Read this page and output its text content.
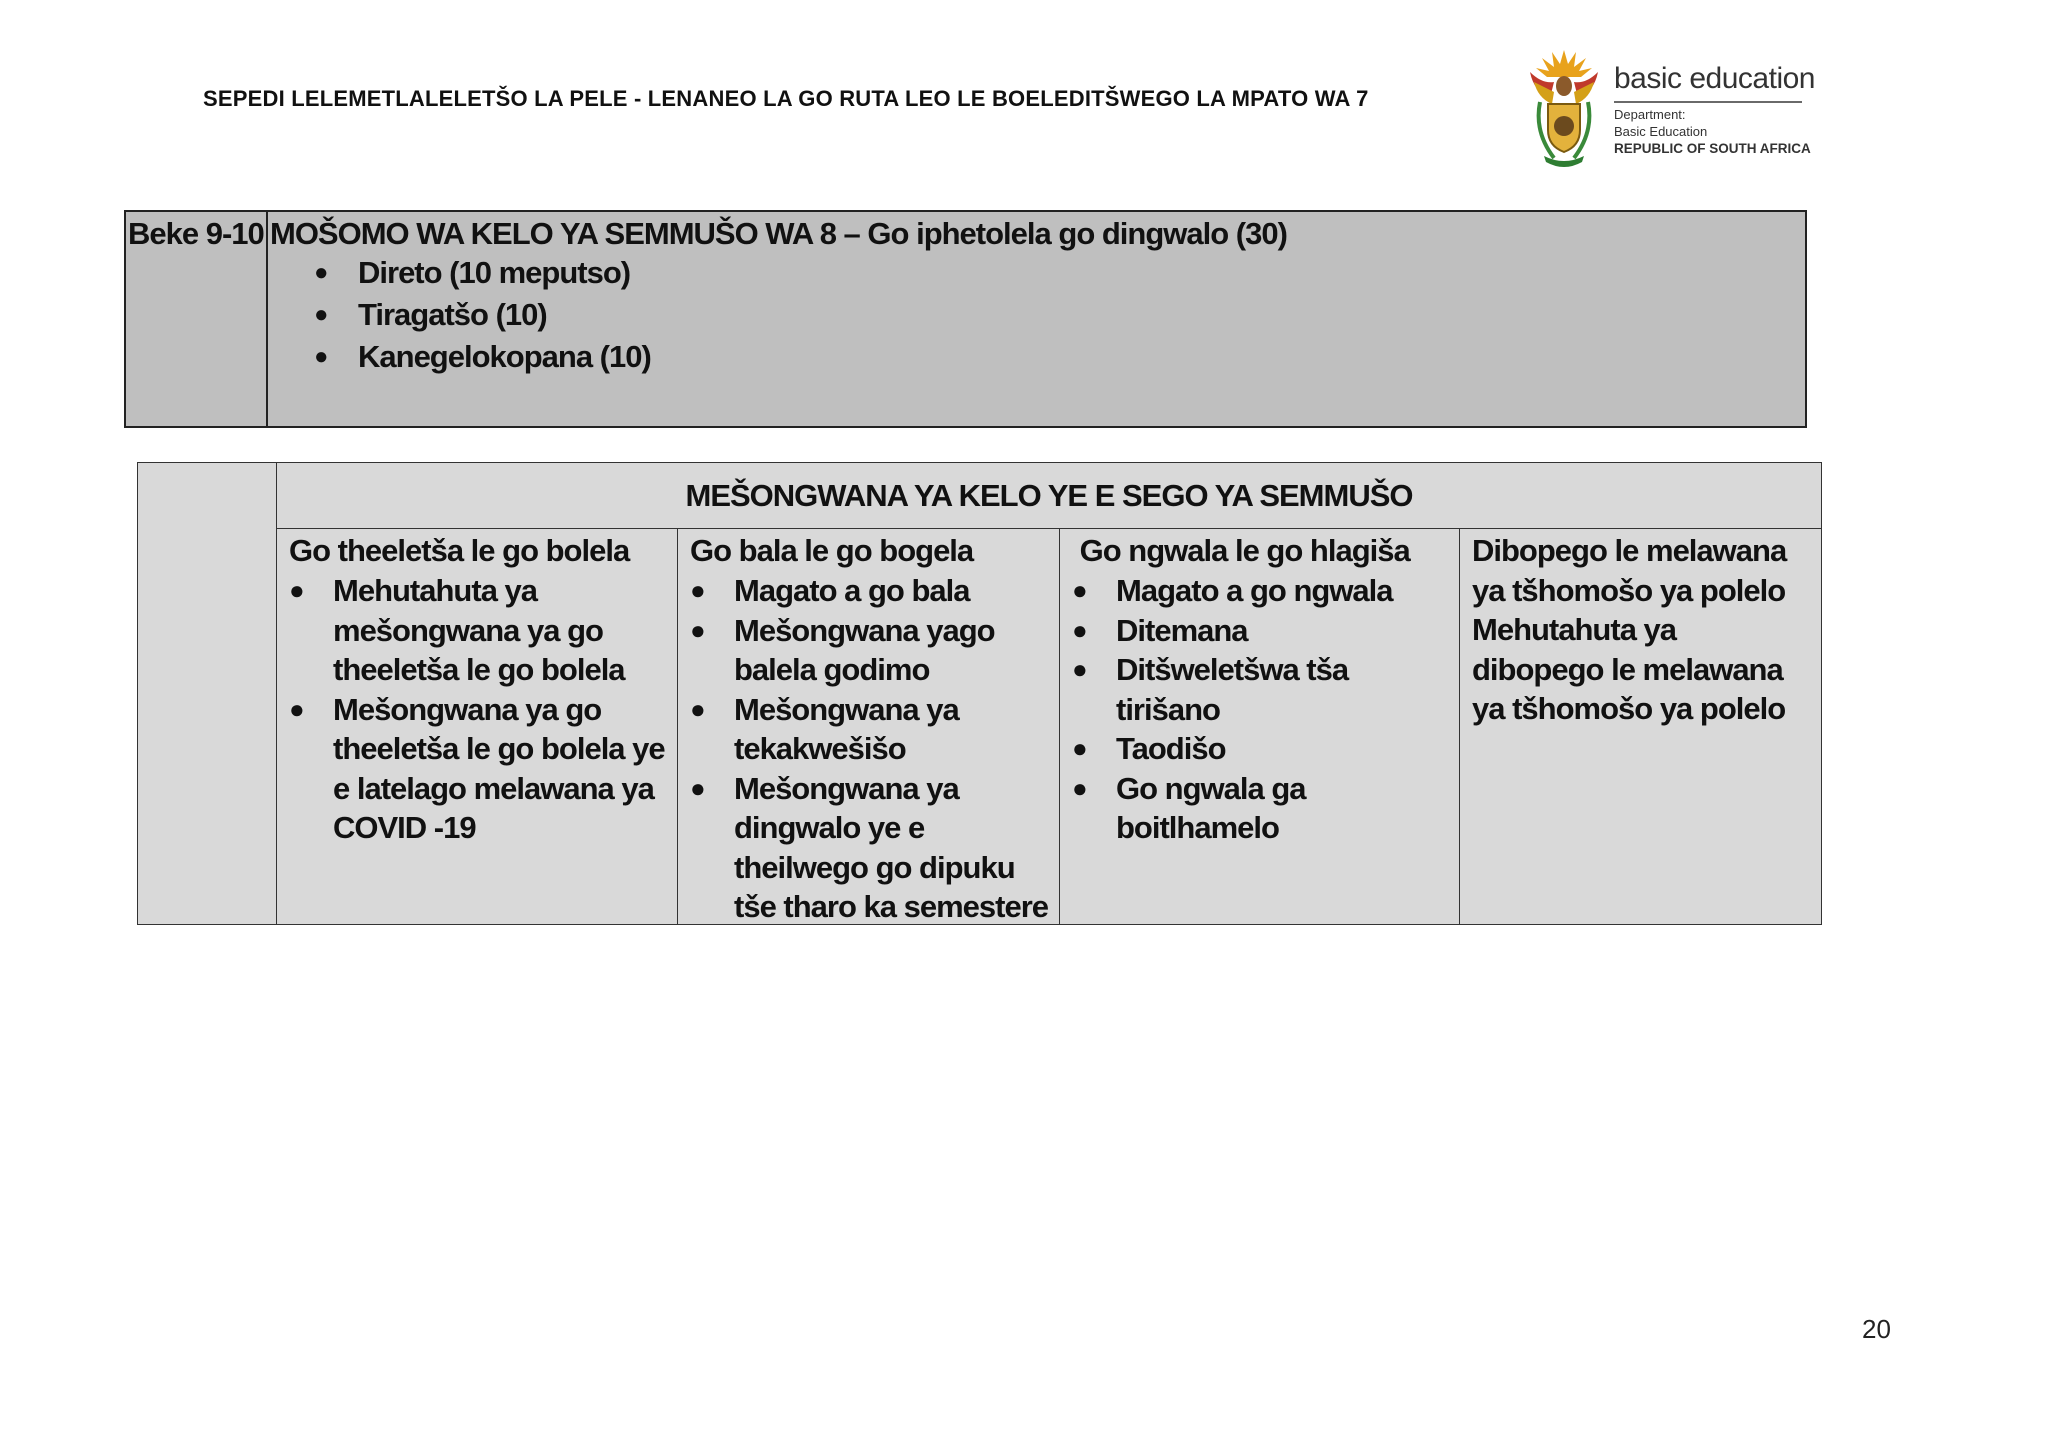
SEPEDI LELEMETLALELETŠO LA PELE - LENANEO LA GO RUTA LEO LE BOELEDITŠWEGO LA MPATO WA 7
basic education
Department:
Basic Education
REPUBLIC OF SOUTH AFRICA
Beke 9-10 MOŠOMO WA KELO YA SEMMUŠO WA 8 – Go iphetolela go dingwalo (30)
● Direto (10 meputso)
● Tiragatšo (10)
● Kanegelokopana (10)
MEŠONGWANA YA KELO YE E SEGO YA SEMMUŠO
Go theeletša le go bolela
● Mehutahuta ya mešongwana ya go theeletša le go bolela
● Mešongwana ya go theeletša le go bolela ye e latelago melawana ya COVID -19
Go bala le go bogela
● Magato a go bala
● Mešongwana yago balela godimo
● Mešongwana ya tekakwešišo
● Mešongwana ya dingwalo ye e theilwego go dipuku tše tharo ka semestere
Go ngwala le go hlagiša
● Magato a go ngwala
● Ditemana
● Ditšweletšwa tša tirišano
● Taodišo
● Go ngwala ga boitlhamelo
Dibopego le melawana ya tšhomošo ya polelo
Mehutahuta ya dibopego le melawana ya tšhomošo ya polelo
20
